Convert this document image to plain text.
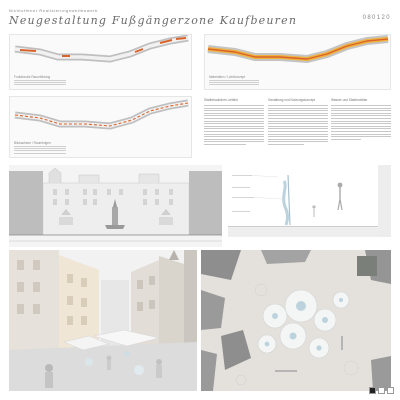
Nichtoffener Realisierungswettbewerb
Neugestaltung Fußgängerzone Kaufbeuren	080120
Funktionale Raumbildung	Materialien / Lichtkonzept
Blickachsen / Raumfolgen
Städtebauliches Leitbild	Gestaltung und Nutzungskonzept	Wasser und Stadtmobiliar
